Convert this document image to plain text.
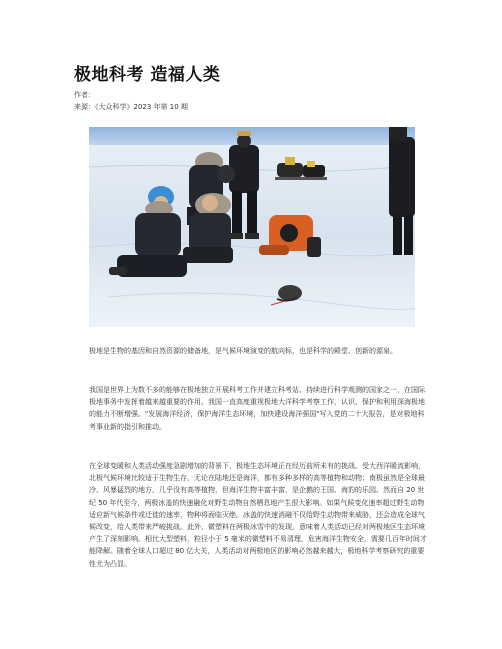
极地科考 造福人类
作者：
来源：《大众科学》2023 年第 10 期

极地是生物的基因和自然资源的储备地，是气候环境演变的航向标，也是科学的殿堂、创新的源泉。

我国是世界上为数不多的能够在极地独立开展科考工作并建立科考站、持续进行科学观测的国家之一，在国际极地事务中发挥着越来越重要的作用。我国一直高度重视极地大洋科学考察工作，认识、保护和利用深海极地的能力不断增强。"发展海洋经济，保护海洋生态环境，加快建设海洋强国"写入党的二十大报告，是对极地科考事业新的指引和推动。

在全球变暖和人类活动强度急剧增加的背景下，极地生态环境正在经历前所未有的挑战。受大西洋暖流影响，北极气候环境比较适于生物生存，无论在陆地还是海洋，都有多种多样的高等植物和动物；南极虽然是全球最冷、风暴猛烈的地方，几乎没有高等植物，但海洋生物丰富丰富，是企鹅的王国、海豹的乐园。然而自 20 世纪 50 年代至今，两极冰盖的快速融化对野生动物自然栖息地产生很大影响。如果气候变化速率超过野生动物适应新气候条件或迁徙的速率，物种将面临灭绝。冰盖的快速消融不仅给野生动物带来威胁，还会造成全球气候改变，给人类带来严峻挑战。此外，微塑料在两极冰雪中的发现，意味着人类活动已经对两极地区生态环境产生了深刻影响。相比大型塑料，粒径小于 5 毫米的微塑料不易清理，危害海洋生物安全，需要几百年时间才能降解。随着全球人口超过 80 亿大关，人类活动对两极地区的影响必然越来越大，极地科学考察研究的重要性尤为凸显。
